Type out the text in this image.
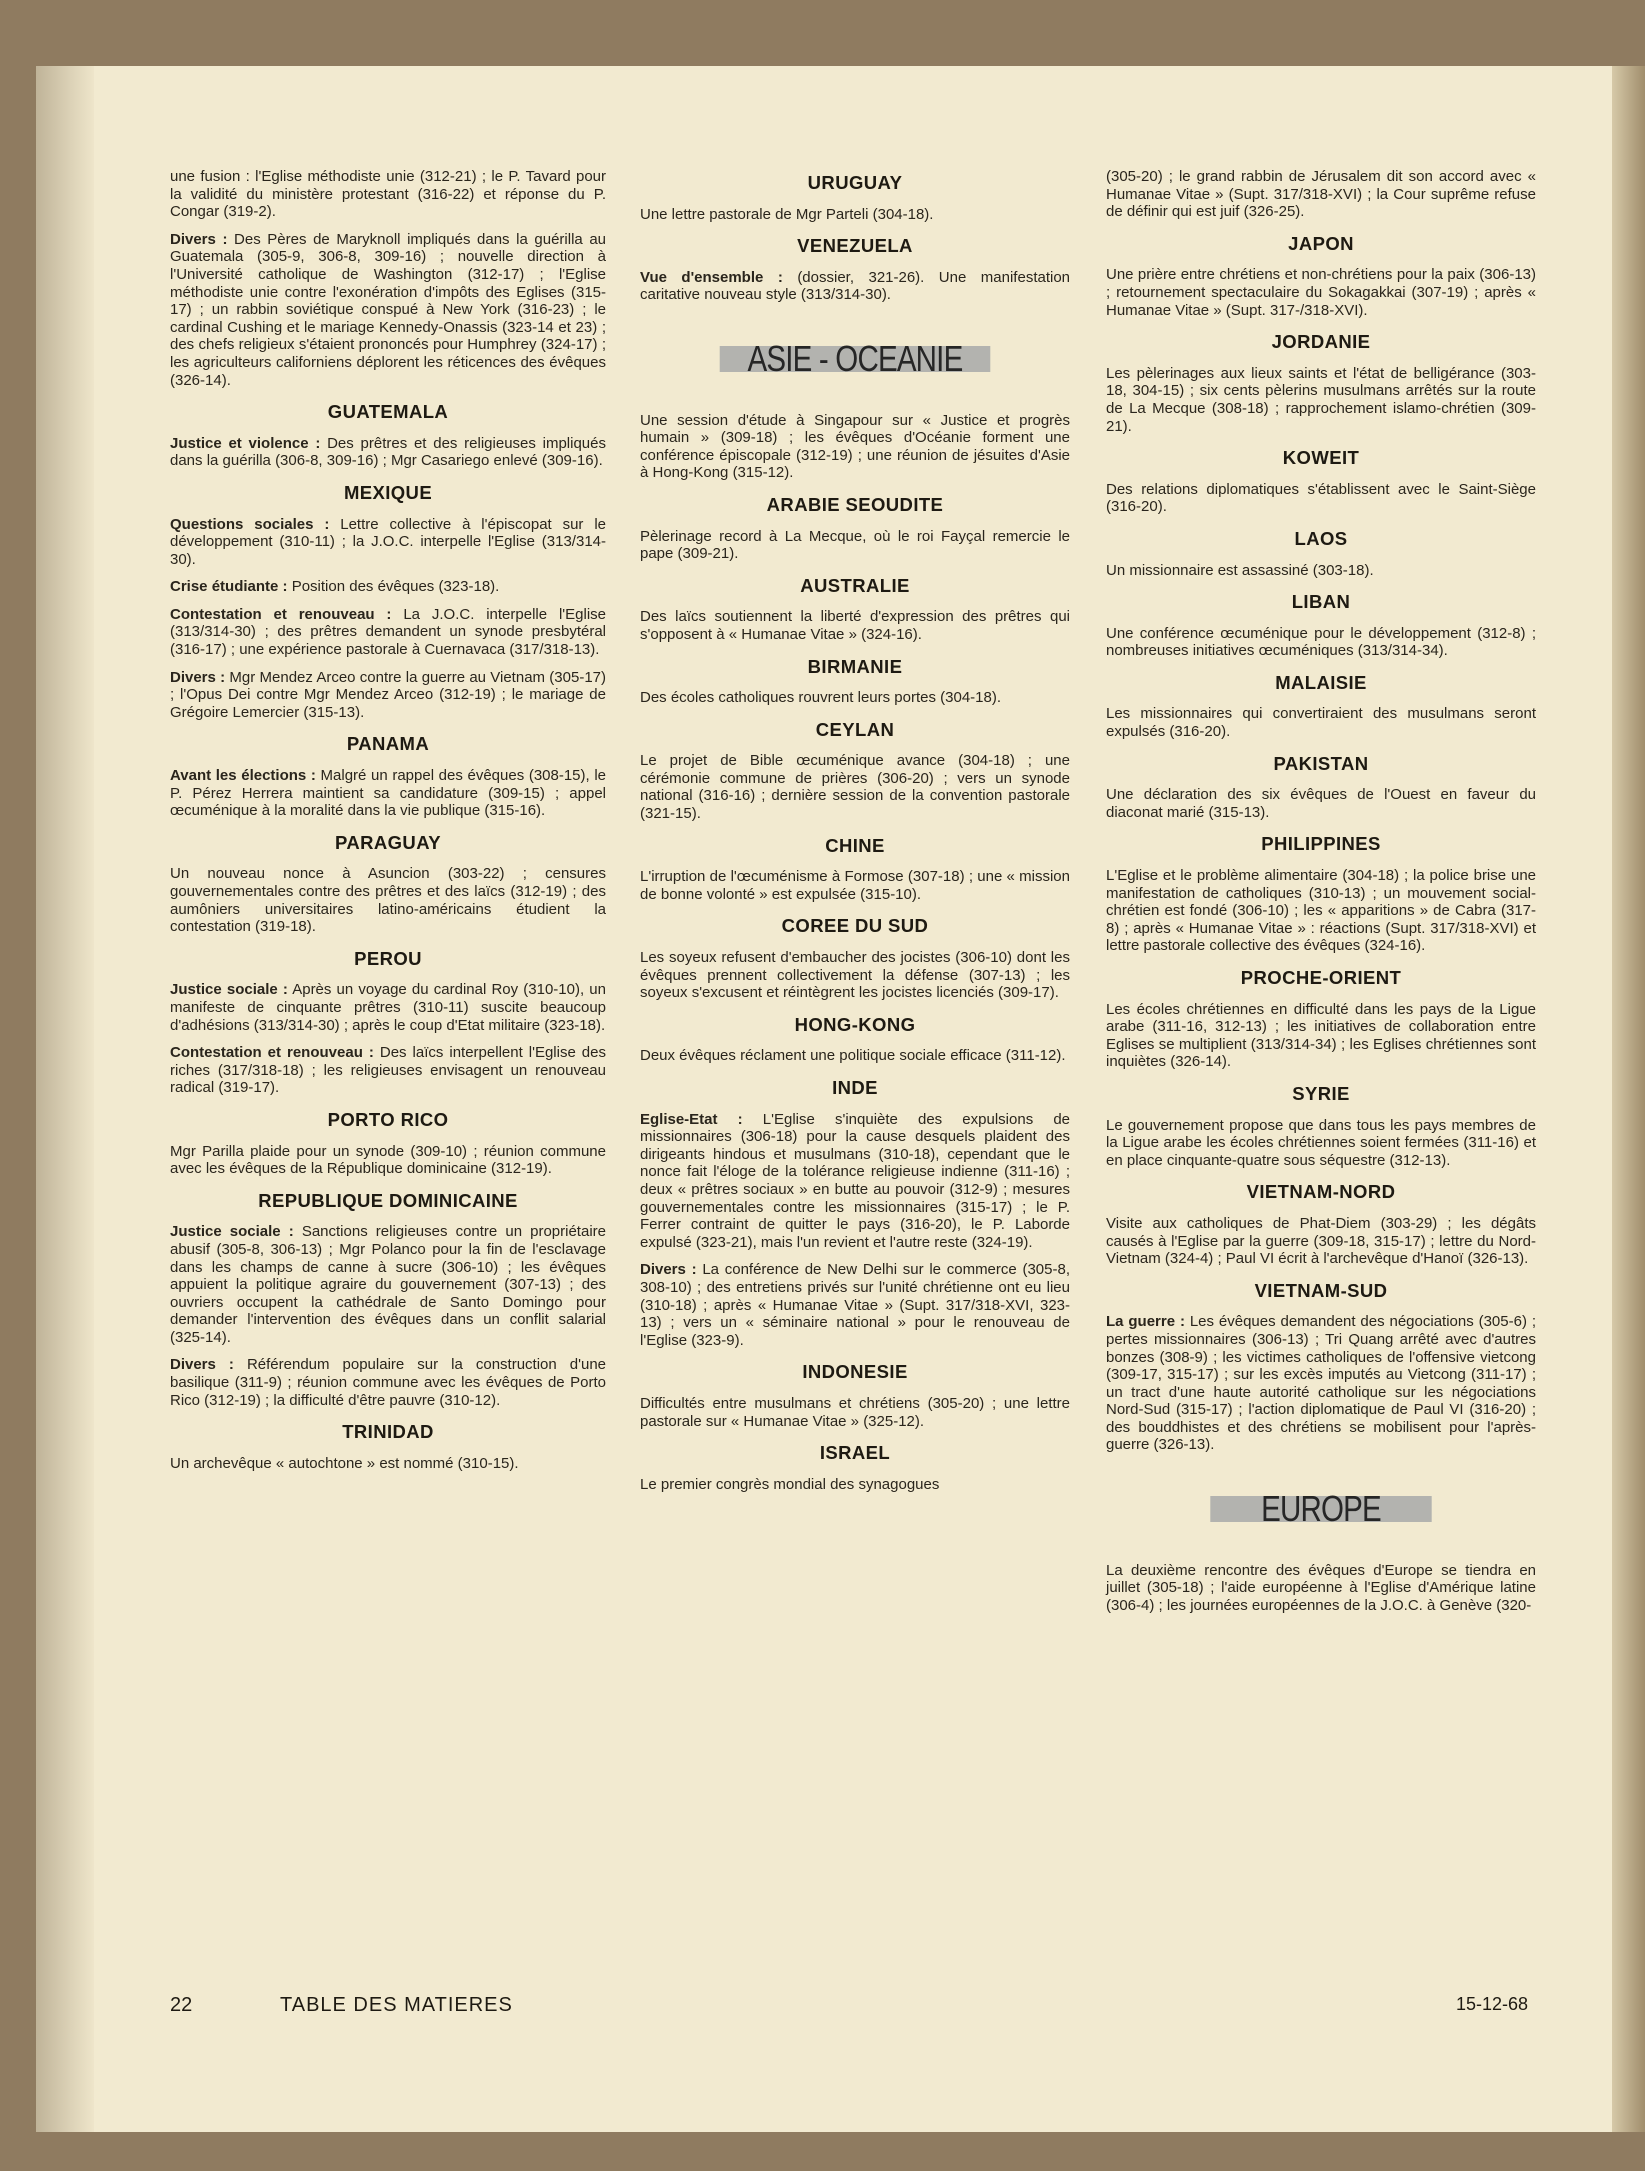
une fusion : l'Eglise méthodiste unie (312-21) ; le P. Tavard pour la validité du ministère protestant (316-22) et réponse du P. Congar (319-2).
Divers : Des Pères de Maryknoll impliqués dans la guérilla au Guatemala (305-9, 306-8, 309-16) ; nouvelle direction à l'Université catholique de Washington (312-17) ; l'Eglise méthodiste unie contre l'exonération d'impôts des Eglises (315-17) ; un rabbin soviétique conspué à New York (316-23) ; le cardinal Cushing et le mariage Kennedy-Onassis (323-14 et 23) ; des chefs religieux s'étaient prononcés pour Humphrey (324-17) ; les agriculteurs californiens déplorent les réticences des évêques (326-14).
GUATEMALA
Justice et violence : Des prêtres et des religieuses impliqués dans la guérilla (306-8, 309-16) ; Mgr Casariego enlevé (309-16).
MEXIQUE
Questions sociales : Lettre collective à l'épiscopat sur le développement (310-11) ; la J.O.C. interpelle l'Eglise (313/314-30).
Crise étudiante : Position des évêques (323-18).
Contestation et renouveau : La J.O.C. interpelle l'Eglise (313/314-30) ; des prêtres demandent un synode presbytéral (316-17) ; une expérience pastorale à Cuernavaca (317/318-13).
Divers : Mgr Mendez Arceo contre la guerre au Vietnam (305-17) ; l'Opus Dei contre Mgr Mendez Arceo (312-19) ; le mariage de Grégoire Lemercier (315-13).
PANAMA
Avant les élections : Malgré un rappel des évêques (308-15), le P. Pérez Herrera maintient sa candidature (309-15) ; appel œcuménique à la moralité dans la vie publique (315-16).
PARAGUAY
Un nouveau nonce à Asuncion (303-22) ; censures gouvernementales contre des prêtres et des laïcs (312-19) ; des aumôniers universitaires latino-américains étudient la contestation (319-18).
PEROU
Justice sociale : Après un voyage du cardinal Roy (310-10), un manifeste de cinquante prêtres (310-11) suscite beaucoup d'adhésions (313/314-30) ; après le coup d'Etat militaire (323-18).
Contestation et renouveau : Des laïcs interpellent l'Eglise des riches (317/318-18) ; les religieuses envisagent un renouveau radical (319-17).
PORTO RICO
Mgr Parilla plaide pour un synode (309-10) ; réunion commune avec les évêques de la République dominicaine (312-19).
REPUBLIQUE DOMINICAINE
Justice sociale : Sanctions religieuses contre un propriétaire abusif (305-8, 306-13) ; Mgr Polanco pour la fin de l'esclavage dans les champs de canne à sucre (306-10) ; les évêques appuient la politique agraire du gouvernement (307-13) ; des ouvriers occupent la cathédrale de Santo Domingo pour demander l'intervention des évêques dans un conflit salarial (325-14).
Divers : Référendum populaire sur la construction d'une basilique (311-9) ; réunion commune avec les évêques de Porto Rico (312-19) ; la difficulté d'être pauvre (310-12).
TRINIDAD
Un archevêque « autochtone » est nommé (310-15).
URUGUAY
Une lettre pastorale de Mgr Parteli (304-18).
VENEZUELA
Vue d'ensemble : (dossier, 321-26). Une manifestation caritative nouveau style (313/314-30).
ASIE - OCEANIE
Une session d'étude à Singapour sur « Justice et progrès humain » (309-18) ; les évêques d'Océanie forment une conférence épiscopale (312-19) ; une réunion de jésuites d'Asie à Hong-Kong (315-12).
ARABIE SEOUDITE
Pèlerinage record à La Mecque, où le roi Fayçal remercie le pape (309-21).
AUSTRALIE
Des laïcs soutiennent la liberté d'expression des prêtres qui s'opposent à « Humanae Vitae » (324-16).
BIRMANIE
Des écoles catholiques rouvrent leurs portes (304-18).
CEYLAN
Le projet de Bible œcuménique avance (304-18) ; une cérémonie commune de prières (306-20) ; vers un synode national (316-16) ; dernière session de la convention pastorale (321-15).
CHINE
L'irruption de l'œcuménisme à Formose (307-18) ; une « mission de bonne volonté » est expulsée (315-10).
COREE DU SUD
Les soyeux refusent d'embaucher des jocistes (306-10) dont les évêques prennent collectivement la défense (307-13) ; les soyeux s'excusent et réintègrent les jocistes licenciés (309-17).
HONG-KONG
Deux évêques réclament une politique sociale efficace (311-12).
INDE
Eglise-Etat : L'Eglise s'inquiète des expulsions de missionnaires (306-18) pour la cause desquels plaident des dirigeants hindous et musulmans (310-18), cependant que le nonce fait l'éloge de la tolérance religieuse indienne (311-16) ; deux « prêtres sociaux » en butte au pouvoir (312-9) ; mesures gouvernementales contre les missionnaires (315-17) ; le P. Ferrer contraint de quitter le pays (316-20), le P. Laborde expulsé (323-21), mais l'un revient et l'autre reste (324-19).
Divers : La conférence de New Delhi sur le commerce (305-8, 308-10) ; des entretiens privés sur l'unité chrétienne ont eu lieu (310-18) ; après « Humanae Vitae » (Supt. 317/318-XVI, 323-13) ; vers un « séminaire national » pour le renouveau de l'Eglise (323-9).
INDONESIE
Difficultés entre musulmans et chrétiens (305-20) ; une lettre pastorale sur « Humanae Vitae » (325-12).
ISRAEL
Le premier congrès mondial des synagogues
(305-20) ; le grand rabbin de Jérusalem dit son accord avec « Humanae Vitae » (Supt. 317/318-XVI) ; la Cour suprême refuse de définir qui est juif (326-25).
JAPON
Une prière entre chrétiens et non-chrétiens pour la paix (306-13) ; retournement spectaculaire du Sokagakkai (307-19) ; après « Humanae Vitae » (Supt. 317-/318-XVI).
JORDANIE
Les pèlerinages aux lieux saints et l'état de belligérance (303-18, 304-15) ; six cents pèlerins musulmans arrêtés sur la route de La Mecque (308-18) ; rapprochement islamo-chrétien (309-21).
KOWEIT
Des relations diplomatiques s'établissent avec le Saint-Siège (316-20).
LAOS
Un missionnaire est assassiné (303-18).
LIBAN
Une conférence œcuménique pour le développement (312-8) ; nombreuses initiatives œcuméniques (313/314-34).
MALAISIE
Les missionnaires qui convertiraient des musulmans seront expulsés (316-20).
PAKISTAN
Une déclaration des six évêques de l'Ouest en faveur du diaconat marié (315-13).
PHILIPPINES
L'Eglise et le problème alimentaire (304-18) ; la police brise une manifestation de catholiques (310-13) ; un mouvement social-chrétien est fondé (306-10) ; les « apparitions » de Cabra (317-8) ; après « Humanae Vitae » : réactions (Supt. 317/318-XVI) et lettre pastorale collective des évêques (324-16).
PROCHE-ORIENT
Les écoles chrétiennes en difficulté dans les pays de la Ligue arabe (311-16, 312-13) ; les initiatives de collaboration entre Eglises se multiplient (313/314-34) ; les Eglises chrétiennes sont inquiètes (326-14).
SYRIE
Le gouvernement propose que dans tous les pays membres de la Ligue arabe les écoles chrétiennes soient fermées (311-16) et en place cinquante-quatre sous séquestre (312-13).
VIETNAM-NORD
Visite aux catholiques de Phat-Diem (303-29) ; les dégâts causés à l'Eglise par la guerre (309-18, 315-17) ; lettre du Nord-Vietnam (324-4) ; Paul VI écrit à l'archevêque d'Hanoï (326-13).
VIETNAM-SUD
La guerre : Les évêques demandent des négociations (305-6) ; pertes missionnaires (306-13) ; Tri Quang arrêté avec d'autres bonzes (308-9) ; les victimes catholiques de l'offensive vietcong (309-17, 315-17) ; sur les excès imputés au Vietcong (311-17) ; un tract d'une haute autorité catholique sur les négociations Nord-Sud (315-17) ; l'action diplomatique de Paul VI (316-20) ; des bouddhistes et des chrétiens se mobilisent pour l'après-guerre (326-13).
EUROPE
La deuxième rencontre des évêques d'Europe se tiendra en juillet (305-18) ; l'aide européenne à l'Eglise d'Amérique latine (306-4) ; les journées européennes de la J.O.C. à Genève (320-
22	TABLE DES MATIERES	15-12-68
